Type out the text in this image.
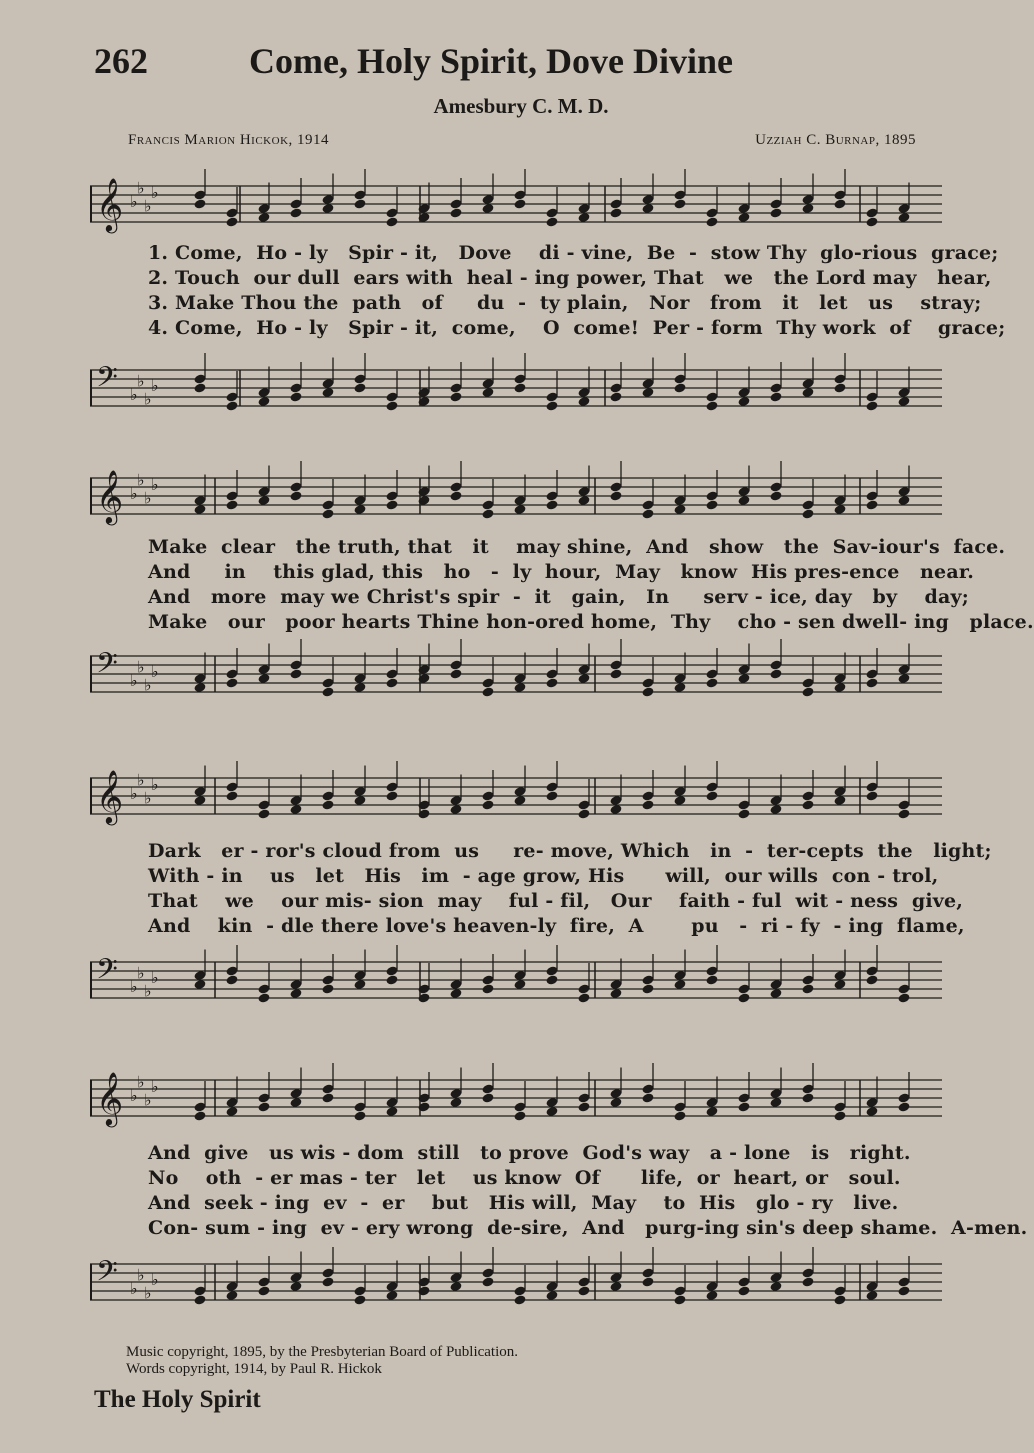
262	Come, Holy Spirit, Dove Divine
Amesbury C. M. D.
Francis Marion Hickok, 1914	Uzziah C. Burnap, 1895
𝄞 ♭
♭
♭
♭
1. Come,  Ho - ly   Spir - it,   Dove    di - vine,  Be  -  stow Thy  glo-rious  grace;
2. Touch  our dull  ears with  heal - ing power, That   we   the Lord may   hear,
3. Make Thou the  path   of     du  -  ty plain,   Nor   from   it   let   us    stray;
4. Come,  Ho - ly   Spir - it,  come,    O  come!  Per - form  Thy work  of    grace;
𝄢 ♭
♭
♭
♭
𝄞 ♭
♭
♭
♭
Make  clear   the truth, that   it    may shine,  And   show   the  Sav-iour's  face.
And     in    this glad, this   ho   -  ly  hour,  May   know  His pres-ence   near.
And   more  may we Christ's spir  -  it   gain,   In     serv - ice, day   by    day;
Make   our   poor hearts Thine hon-ored home,  Thy    cho - sen dwell- ing   place.
𝄢 ♭
♭
♭
♭
𝄞 ♭
♭
♭
♭
Dark   er - ror's cloud from  us     re- move, Which   in  -  ter-cepts  the   light;
With - in    us   let   His   im  - age grow, His      will,  our wills  con - trol,
That    we    our mis- sion  may    ful - fil,   Our    faith - ful  wit - ness  give,
And    kin  - dle there love's heaven-ly  fire,  A       pu   -  ri - fy  - ing  flame,
𝄢 ♭
♭
♭
♭
𝄞 ♭
♭
♭
♭
And  give   us wis - dom  still   to prove  God's way   a - lone   is   right.
No    oth  - er mas - ter   let    us know  Of      life,  or  heart, or   soul.
And  seek - ing  ev  -  er    but   His will,  May    to  His   glo - ry   live.
Con- sum - ing  ev - ery wrong  de-sire,  And   purg-ing sin's deep shame.  A-men.
𝄢 ♭
♭
♭
♭
Music copyright, 1895, by the Presbyterian Board of Publication.
Words copyright, 1914, by Paul R. Hickok
The Holy Spirit
